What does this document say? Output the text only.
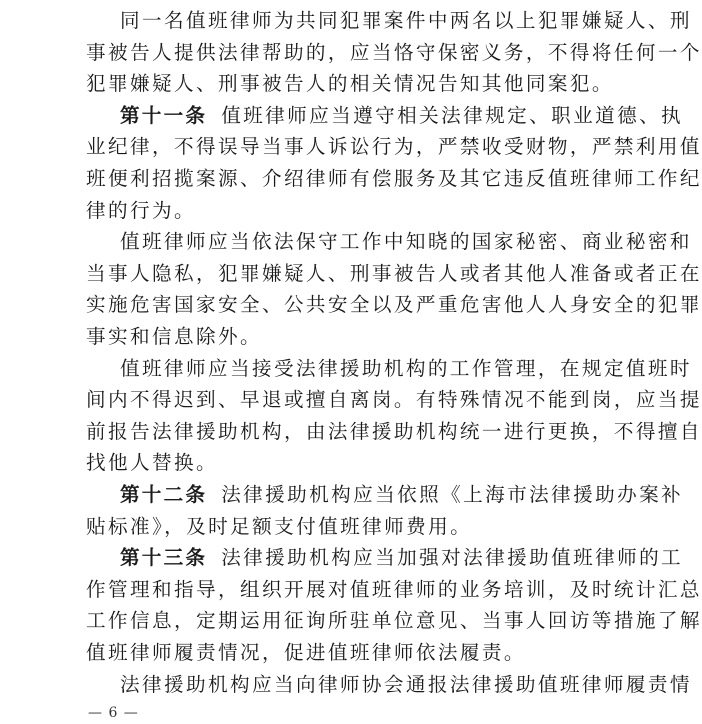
同一名值班律师为共同犯罪案件中两名以上犯罪嫌疑人、刑
事被告人提供法律帮助的，应当恪守保密义务，不得将任何一个
犯罪嫌疑人、刑事被告人的相关情况告知其他同案犯。
第十一条 值班律师应当遵守相关法律规定、职业道德、执
业纪律，不得误导当事人诉讼行为，严禁收受财物，严禁利用值
班便利招揽案源、介绍律师有偿服务及其它违反值班律师工作纪
律的行为。
值班律师应当依法保守工作中知晓的国家秘密、商业秘密和
当事人隐私，犯罪嫌疑人、刑事被告人或者其他人准备或者正在
实施危害国家安全、公共安全以及严重危害他人人身安全的犯罪
事实和信息除外。
值班律师应当接受法律援助机构的工作管理，在规定值班时
间内不得迟到、早退或擅自离岗。有特殊情况不能到岗，应当提
前报告法律援助机构，由法律援助机构统一进行更换，不得擅自
找他人替换。
第十二条 法律援助机构应当依照《上海市法律援助办案补
贴标准》，及时足额支付值班律师费用。
第十三条 法律援助机构应当加强对法律援助值班律师的工
作管理和指导，组织开展对值班律师的业务培训，及时统计汇总
工作信息，定期运用征询所驻单位意见、当事人回访等措施了解
值班律师履责情况，促进值班律师依法履责。
法律援助机构应当向律师协会通报法律援助值班律师履责情
— 6 —
